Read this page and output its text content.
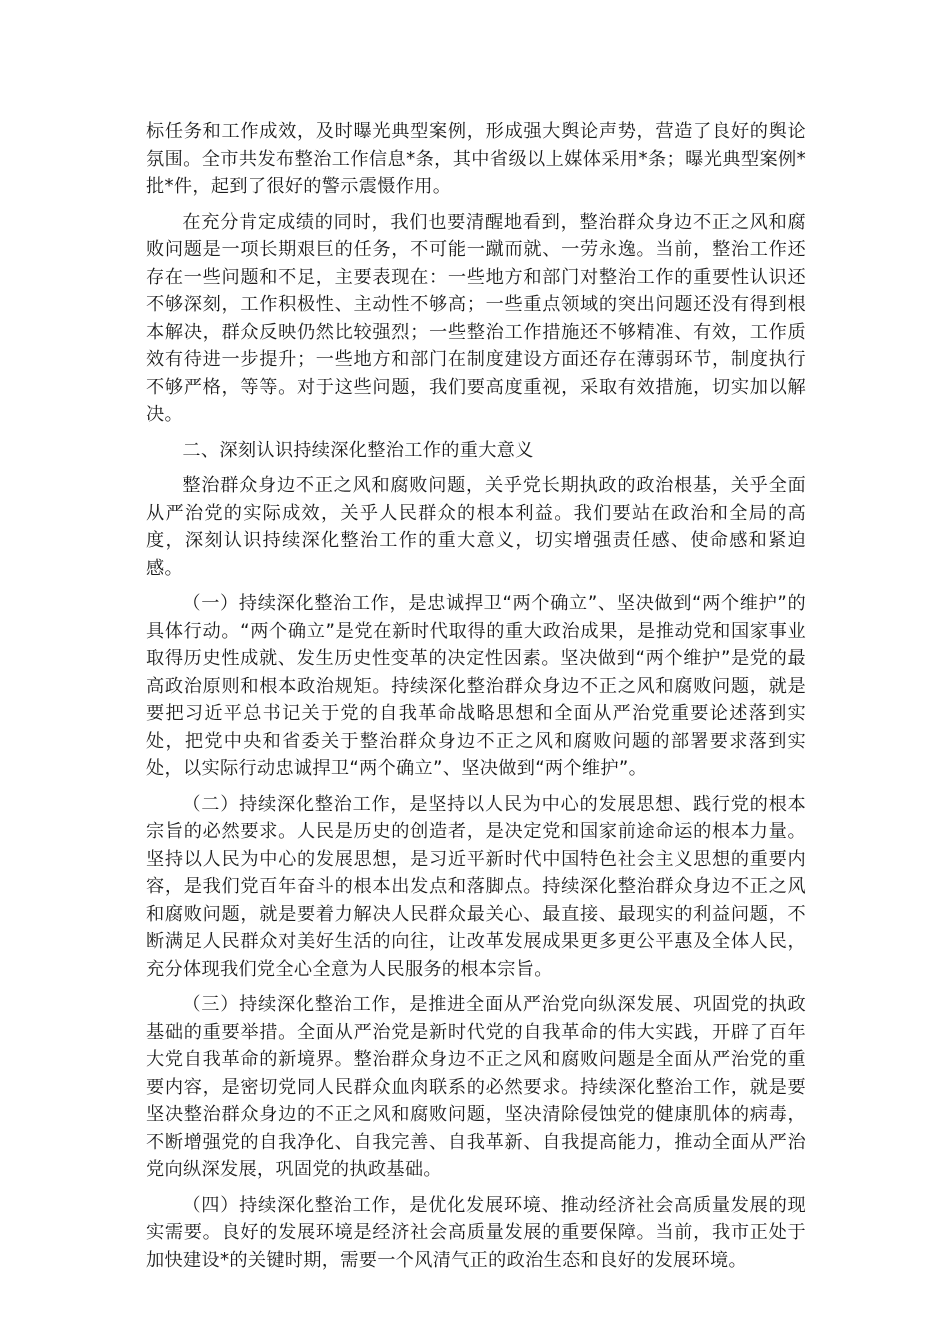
标任务和工作成效，及时曝光典型案例，形成强大舆论声势，营造了良好的舆论氛围。全市共发布整治工作信息*条，其中省级以上媒体采用*条；曝光典型案例*批*件，起到了很好的警示震慑作用。

在充分肯定成绩的同时，我们也要清醒地看到，整治群众身边不正之风和腐败问题是一项长期艰巨的任务，不可能一蹴而就、一劳永逸。当前，整治工作还存在一些问题和不足，主要表现在：一些地方和部门对整治工作的重要性认识还不够深刻，工作积极性、主动性不够高；一些重点领域的突出问题还没有得到根本解决，群众反映仍然比较强烈；一些整治工作措施还不够精准、有效，工作质效有待进一步提升；一些地方和部门在制度建设方面还存在薄弱环节，制度执行不够严格，等等。对于这些问题，我们要高度重视，采取有效措施，切实加以解决。

二、深刻认识持续深化整治工作的重大意义

整治群众身边不正之风和腐败问题，关乎党长期执政的政治根基，关乎全面从严治党的实际成效，关乎人民群众的根本利益。我们要站在政治和全局的高度，深刻认识持续深化整治工作的重大意义，切实增强责任感、使命感和紧迫感。

（一）持续深化整治工作，是忠诚捍卫“两个确立”、坚决做到“两个维护”的具体行动。“两个确立”是党在新时代取得的重大政治成果，是推动党和国家事业取得历史性成就、发生历史性变革的决定性因素。坚决做到“两个维护”是党的最高政治原则和根本政治规矩。持续深化整治群众身边不正之风和腐败问题，就是要把习近平总书记关于党的自我革命战略思想和全面从严治党重要论述落到实处，把党中央和省委关于整治群众身边不正之风和腐败问题的部署要求落到实处，以实际行动忠诚捍卫“两个确立”、坚决做到“两个维护”。

（二）持续深化整治工作，是坚持以人民为中心的发展思想、践行党的根本宗旨的必然要求。人民是历史的创造者，是决定党和国家前途命运的根本力量。坚持以人民为中心的发展思想，是习近平新时代中国特色社会主义思想的重要内容，是我们党百年奋斗的根本出发点和落脚点。持续深化整治群众身边不正之风和腐败问题，就是要着力解决人民群众最关心、最直接、最现实的利益问题，不断满足人民群众对美好生活的向往，让改革发展成果更多更公平惠及全体人民，充分体现我们党全心全意为人民服务的根本宗旨。

（三）持续深化整治工作，是推进全面从严治党向纵深发展、巩固党的执政基础的重要举措。全面从严治党是新时代党的自我革命的伟大实践，开辟了百年大党自我革命的新境界。整治群众身边不正之风和腐败问题是全面从严治党的重要内容，是密切党同人民群众血肉联系的必然要求。持续深化整治工作，就是要坚决整治群众身边的不正之风和腐败问题，坚决清除侵蚀党的健康肌体的病毒，不断增强党的自我净化、自我完善、自我革新、自我提高能力，推动全面从严治党向纵深发展，巩固党的执政基础。

（四）持续深化整治工作，是优化发展环境、推动经济社会高质量发展的现实需要。良好的发展环境是经济社会高质量发展的重要保障。当前，我市正处于加快建设*的关键时期，需要一个风清气正的政治生态和良好的发展环境。
